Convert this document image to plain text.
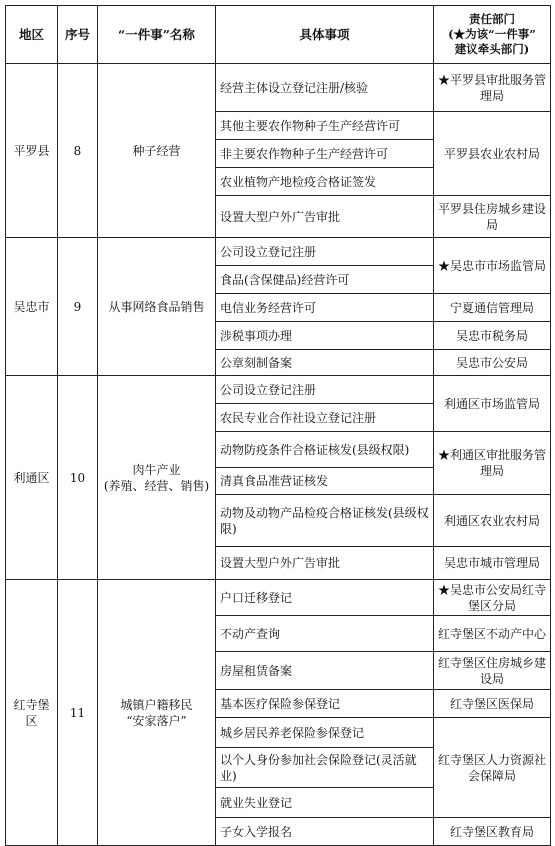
地区	序号	“一件事”名称	具体事项	责任部门
(★为该“一件事”
建议牵头部门)
平罗县	8	种子经营	经营主体设立登记注册/核验	★平罗县审批服务管理局
			其他主要农作物种子生产经营许可	平罗县农业农村局
			非主要农作物种子生产经营许可	
			农业植物产地检疫合格证签发	
			设置大型户外广告审批	平罗县住房城乡建设局
吴忠市	9	从事网络食品销售	公司设立登记注册	★吴忠市市场监管局
			食品(含保健品)经营许可	
			电信业务经营许可	宁夏通信管理局
			涉税事项办理	吴忠市税务局
			公章刻制备案	吴忠市公安局
利通区	10	肉牛产业
(养殖、经营、销售)	公司设立登记注册	利通区市场监管局
			农民专业合作社设立登记注册	
			动物防疫条件合格证核发(县级权限)	★利通区审批服务管理局
			清真食品准营证核发	
			动物及动物产品检疫合格证核发(县级权限)	利通区农业农村局
			设置大型户外广告审批	吴忠市城市管理局
红寺堡区	11	城镇户籍移民
“安家落户”	户口迁移登记	★吴忠市公安局红寺堡区分局
			不动产查询	红寺堡区不动产中心
			房屋租赁备案	红寺堡区住房城乡建设局
			基本医疗保险参保登记	红寺堡区医保局
			城乡居民养老保险参保登记	红寺堡区人力资源社会保障局
			以个人身份参加社会保险登记(灵活就业)	
			就业失业登记	
			子女入学报名	红寺堡区教育局
